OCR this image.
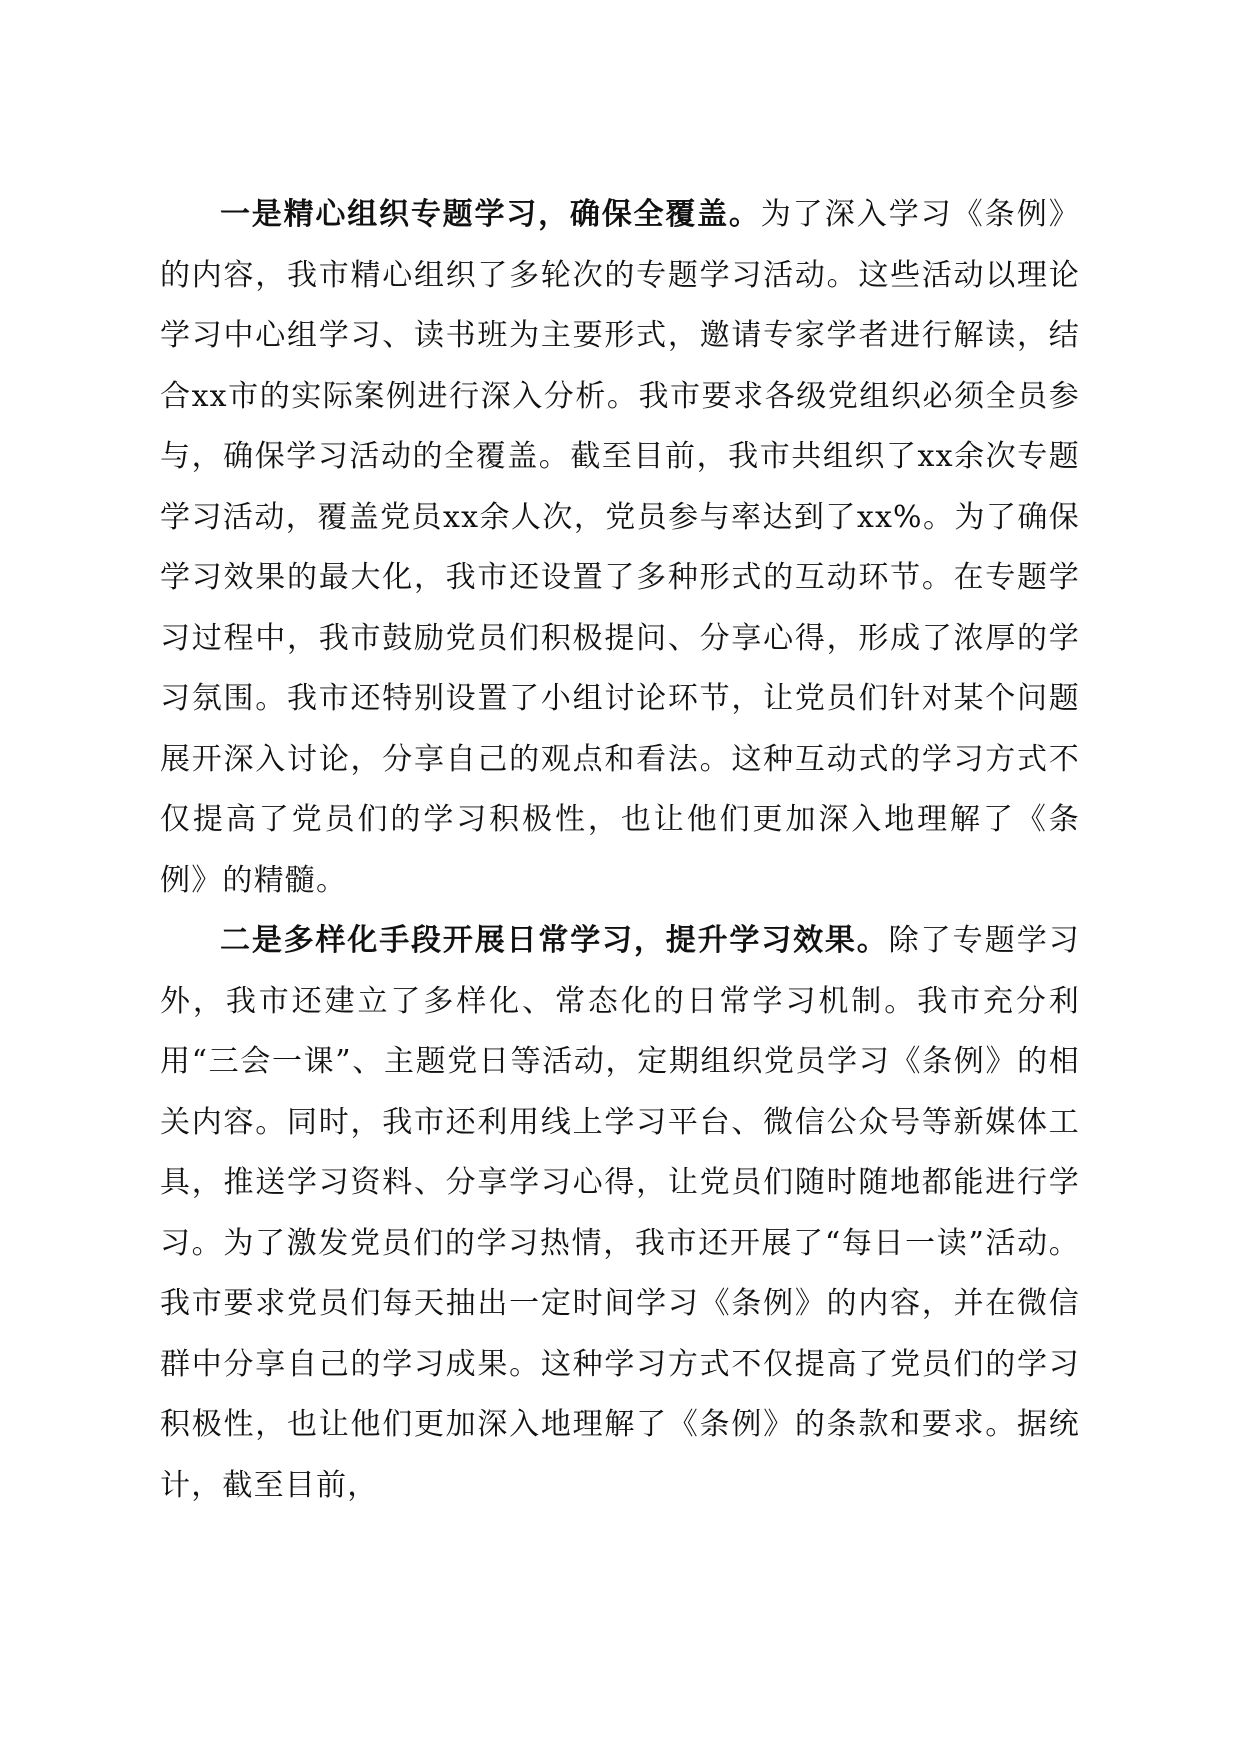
一是精心组织专题学习，确保全覆盖。为了深入学习《条例》的内容，我市精心组织了多轮次的专题学习活动。这些活动以理论学习中心组学习、读书班为主要形式，邀请专家学者进行解读，结合xx市的实际案例进行深入分析。我市要求各级党组织必须全员参与，确保学习活动的全覆盖。截至目前，我市共组织了xx余次专题学习活动，覆盖党员xx余人次，党员参与率达到了xx%。为了确保学习效果的最大化，我市还设置了多种形式的互动环节。在专题学习过程中，我市鼓励党员们积极提问、分享心得，形成了浓厚的学习氛围。我市还特别设置了小组讨论环节，让党员们针对某个问题展开深入讨论，分享自己的观点和看法。这种互动式的学习方式不仅提高了党员们的学习积极性，也让他们更加深入地理解了《条例》的精髓。

二是多样化手段开展日常学习，提升学习效果。除了专题学习外，我市还建立了多样化、常态化的日常学习机制。我市充分利用“三会一课”、主题党日等活动，定期组织党员学习《条例》的相关内容。同时，我市还利用线上学习平台、微信公众号等新媒体工具，推送学习资料、分享学习心得，让党员们随时随地都能进行学习。为了激发党员们的学习热情，我市还开展了“每日一读”活动。我市要求党员们每天抽出一定时间学习《条例》的内容，并在微信群中分享自己的学习成果。这种学习方式不仅提高了党员们的学习积极性，也让他们更加深入地理解了《条例》的条款和要求。据统计，截至目前，
